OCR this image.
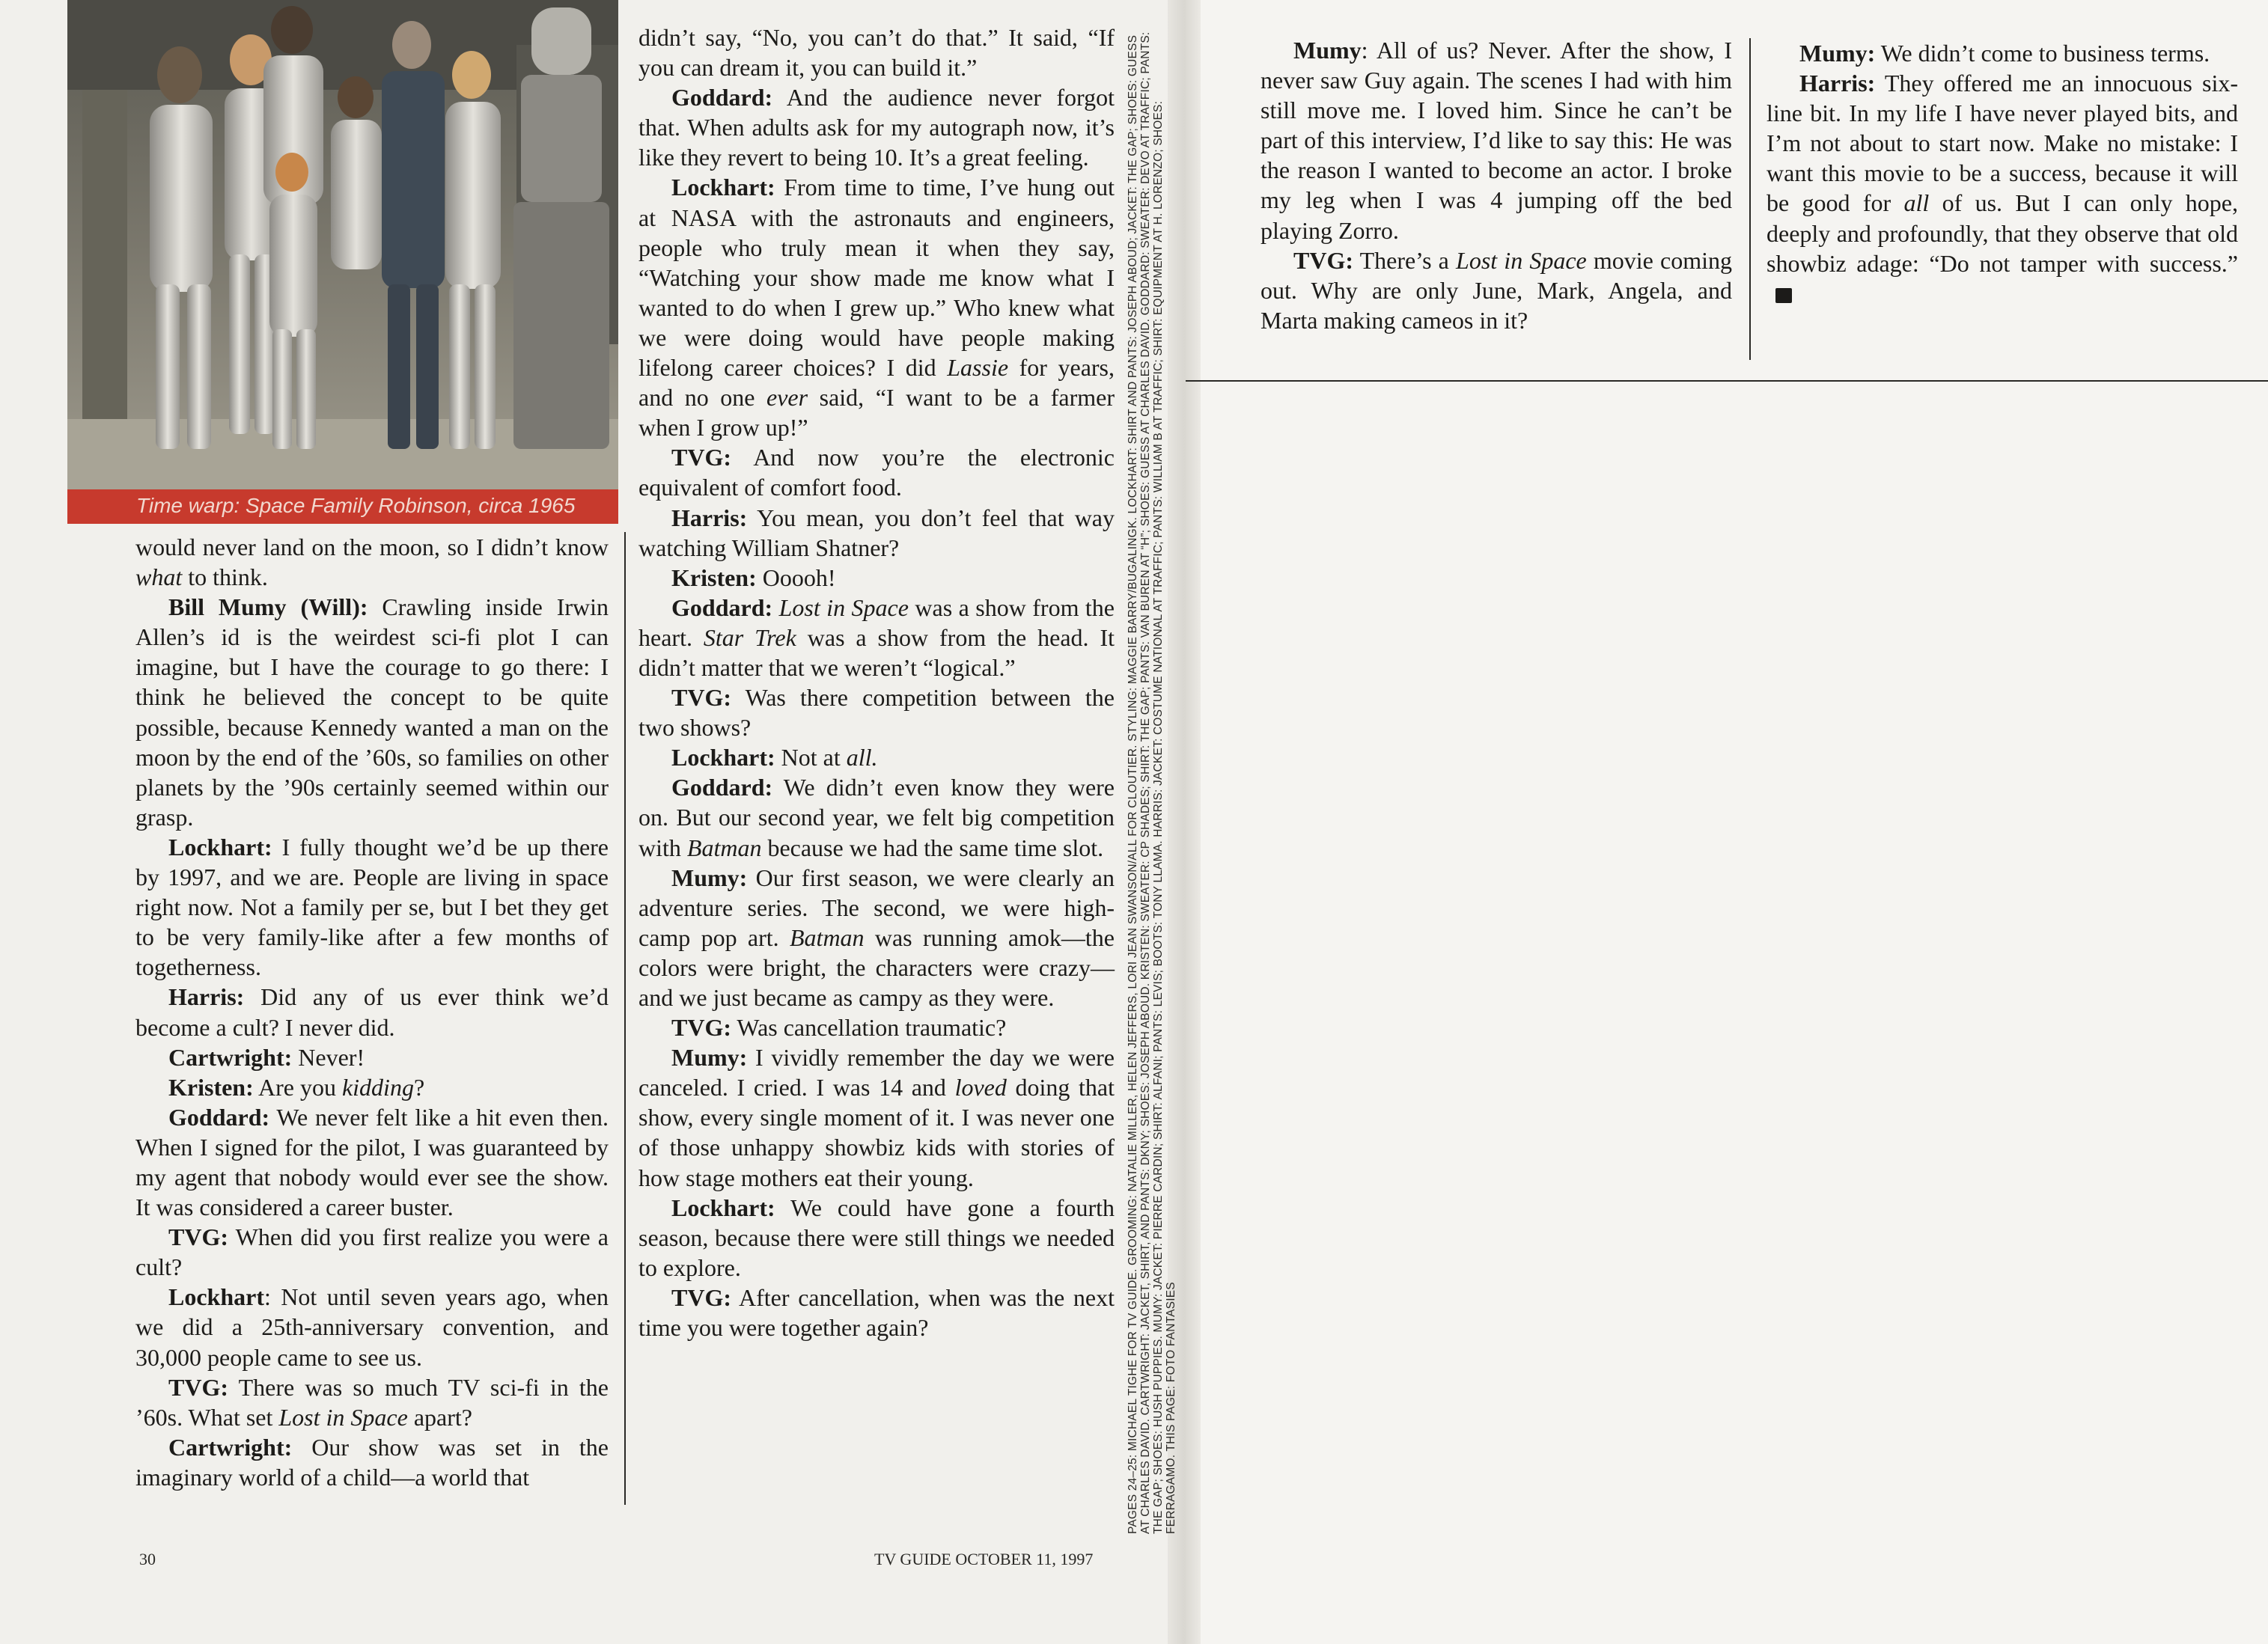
Time warp: Space Family Robinson, circa 1965

would never land on the moon, so I didn’t know what to think.

Bill Mumy (Will): Crawling inside Irwin Allen’s id is the weirdest sci-fi plot I can imagine, but I have the courage to go there: I think he believed the concept to be quite possible, because Kennedy wanted a man on the moon by the end of the ’60s, so families on other planets by the ’90s certainly seemed within our grasp.

Lockhart: I fully thought we’d be up there by 1997, and we are. People are living in space right now. Not a family per se, but I bet they get to be very family-like after a few months of togetherness.

Harris: Did any of us ever think we’d become a cult? I never did.

Cartwright: Never!

Kristen: Are you kidding?

Goddard: We never felt like a hit even then. When I signed for the pilot, I was guaranteed by my agent that nobody would ever see the show. It was considered a career buster.

TVG: When did you first realize you were a cult?

Lockhart: Not until seven years ago, when we did a 25th-anniversary convention, and 30,000 people came to see us.

TVG: There was so much TV sci-fi in the ’60s. What set Lost in Space apart?

Cartwright: Our show was set in the imaginary world of a child—a world that

didn’t say, “No, you can’t do that.” It said, “If you can dream it, you can build it.”

Goddard: And the audience never forgot that. When adults ask for my autograph now, it’s like they revert to being 10. It’s a great feeling.

Lockhart: From time to time, I’ve hung out at NASA with the astronauts and engineers, people who truly mean it when they say, “Watching your show made me know what I wanted to do when I grew up.” Who knew what we were doing would have people making lifelong career choices? I did Lassie for years, and no one ever said, “I want to be a farmer when I grow up!”

TVG: And now you’re the electronic equivalent of comfort food.

Harris: You mean, you don’t feel that way watching William Shatner?

Kristen: Ooooh!

Goddard: Lost in Space was a show from the heart. Star Trek was a show from the head. It didn’t matter that we weren’t “logical.”

TVG: Was there competition between the two shows?

Lockhart: Not at all.

Goddard: We didn’t even know they were on. But our second year, we felt big competition with Batman because we had the same time slot.

Mumy: Our first season, we were clearly an adventure series. The second, we were high-camp pop art. Batman was running amok—the colors were bright, the characters were crazy—and we just became as campy as they were.

TVG: Was cancellation traumatic?

Mumy: I vividly remember the day we were canceled. I cried. I was 14 and loved doing that show, every single moment of it. I was never one of those unhappy showbiz kids with stories of how stage mothers eat their young.

Lockhart: We could have gone a fourth season, because there were still things we needed to explore.

TVG: After cancellation, when was the next time you were together again?

Mumy: All of us? Never. After the show, I never saw Guy again. The scenes I had with him still move me. I loved him. Since he can’t be part of this interview, I’d like to say this: He was the reason I wanted to become an actor. I broke my leg when I was 4 jumping off the bed playing Zorro.

TVG: There’s a Lost in Space movie coming out. Why are only June, Mark, Angela, and Marta making cameos in it?

Mumy: We didn’t come to business terms.

Harris: They offered me an innocuous six-line bit. In my life I have never played bits, and I’m not about to start now. Make no mistake: I want this movie to be a success, because it will be good for all of us. But I can only hope, deeply and profoundly, that they observe that old showbiz adage: “Do not tamper with success.”

PAGES 24–25: MICHAEL TIGHE FOR TV GUIDE. GROOMING: NATALIE MILLER, HELEN JEFFERS, LORI JEAN SWANSON/ALL FOR CLOUTIER. STYLING: MAGGIE BARRY/BUGALINGK. LOCKHART: SHIRT AND PANTS: JOSEPH ABOUD; JACKET: THE GAP; SHOES: GUESS AT CHARLES DAVID. CARTWRIGHT: JACKET, SHIRT, AND PANTS: DKNY; SHOES: JOSEPH ABOUD. KRISTEN: SWEATER: CP SHADES; SHIRT: THE GAP; PANTS: VAN BUREN AT “H”; SHOES: GUESS AT CHARLES DAVID. GODDARD: SWEATER: DEVO AT TRAFFIC; PANTS: THE GAP; SHOES: HUSH PUPPIES. MUMY: JACKET: PIERRE CARDIN; SHIRT: ALFANI; PANTS: LEVIS; BOOTS: TONY LLAMA. HARRIS: JACKET: COSTUME NATIONAL AT TRAFFIC; PANTS: WILLIAM B AT TRAFFIC; SHIRT: EQUIPMENT AT H. LORENZO; SHOES: FERRAGAMO. THIS PAGE: FOTO FANTASIES
30	TV GUIDE OCTOBER 11, 1997
